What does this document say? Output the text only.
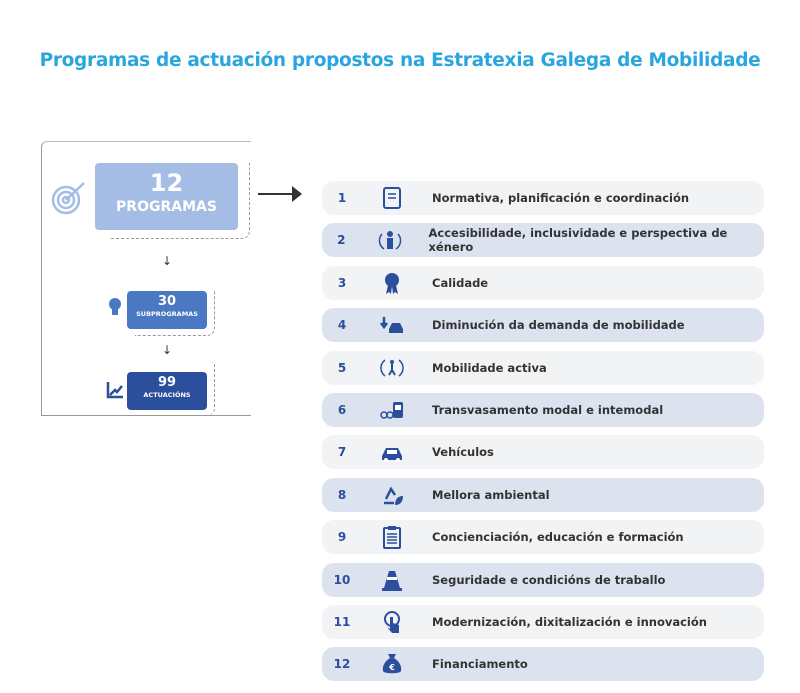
Programas de actuación propostos na Estratexia Galega de Mobilidade
12
PROGRAMAS
↓
30
SUBPROGRAMAS
↓
99
ACTUACIÓNS
1	Normativa, planificación e coordinación
2	Accesibilidade, inclusividade e perspectiva de xénero
3	Calidade
4	Diminución da demanda de mobilidade
5	Mobilidade activa
6	Transvasamento modal e intemodal
7	Vehículos
8	Mellora ambiental
9	Concienciación, educación e formación
10	Seguridade e condicións de traballo
11	Modernización, dixitalización e innovación
12	€	Financiamento
